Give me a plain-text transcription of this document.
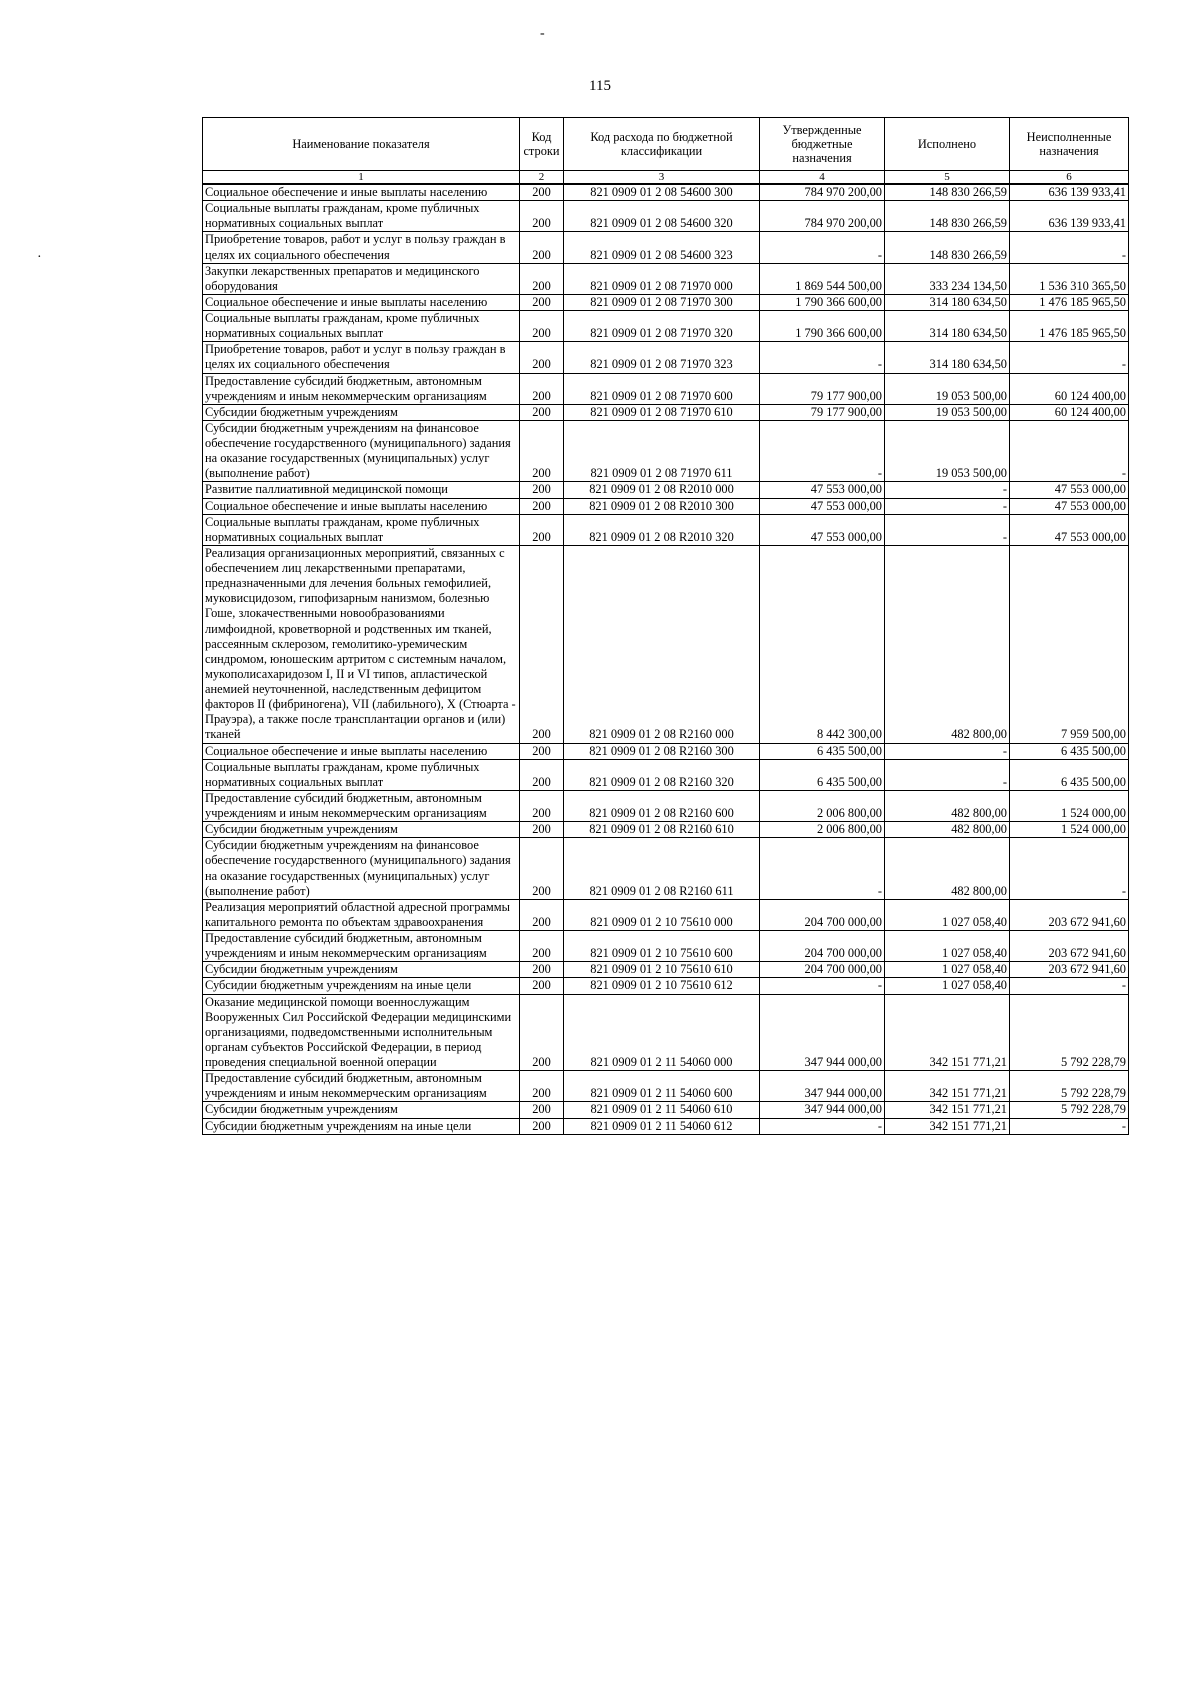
-
·
115
Наименование показателя	Код строки	Код расхода по бюджетной классификации	Утвержденные бюджетные назначения	Исполнено	Неисполненные назначения
1	2	3	4	5	6
Социальное обеспечение и иные выплаты населению	200	821 0909 01 2 08 54600 300	784 970 200,00	148 830 266,59	636 139 933,41
Социальные выплаты гражданам, кроме публичных нормативных социальных выплат	200	821 0909 01 2 08 54600 320	784 970 200,00	148 830 266,59	636 139 933,41
Приобретение товаров, работ и услуг в пользу граждан в целях их социального обеспечения	200	821 0909 01 2 08 54600 323	-	148 830 266,59	-
Закупки лекарственных препаратов и медицинского оборудования	200	821 0909 01 2 08 71970 000	1 869 544 500,00	333 234 134,50	1 536 310 365,50
Социальное обеспечение и иные выплаты населению	200	821 0909 01 2 08 71970 300	1 790 366 600,00	314 180 634,50	1 476 185 965,50
Социальные выплаты гражданам, кроме публичных нормативных социальных выплат	200	821 0909 01 2 08 71970 320	1 790 366 600,00	314 180 634,50	1 476 185 965,50
Приобретение товаров, работ и услуг в пользу граждан в целях их социального обеспечения	200	821 0909 01 2 08 71970 323	-	314 180 634,50	-
Предоставление субсидий бюджетным, автономным учреждениям и иным некоммерческим организациям	200	821 0909 01 2 08 71970 600	79 177 900,00	19 053 500,00	60 124 400,00
Субсидии бюджетным учреждениям	200	821 0909 01 2 08 71970 610	79 177 900,00	19 053 500,00	60 124 400,00
Субсидии бюджетным учреждениям на финансовое обеспечение государственного (муниципального) задания на оказание государственных (муниципальных) услуг (выполнение работ)	200	821 0909 01 2 08 71970 611	-	19 053 500,00	-
Развитие паллиативной медицинской помощи	200	821 0909 01 2 08 R2010 000	47 553 000,00	-	47 553 000,00
Социальное обеспечение и иные выплаты населению	200	821 0909 01 2 08 R2010 300	47 553 000,00	-	47 553 000,00
Социальные выплаты гражданам, кроме публичных нормативных социальных выплат	200	821 0909 01 2 08 R2010 320	47 553 000,00	-	47 553 000,00
Реализация организационных мероприятий, связанных с обеспечением лиц лекарственными препаратами, предназначенными для лечения больных гемофилией, муковисцидозом, гипофизарным нанизмом, болезнью Гоше, злокачественными новообразованиями лимфоидной, кроветворной и родственных им тканей, рассеянным склерозом, гемолитико-уремическим синдромом, юношеским артритом с системным началом, мукополисахаридозом I, II и VI типов, апластической анемией неуточненной, наследственным дефицитом факторов II (фибриногена), VII (лабильного), X (Стюарта - Прауэра), а также после трансплантации органов и (или) тканей	200	821 0909 01 2 08 R2160 000	8 442 300,00	482 800,00	7 959 500,00
Социальное обеспечение и иные выплаты населению	200	821 0909 01 2 08 R2160 300	6 435 500,00	-	6 435 500,00
Социальные выплаты гражданам, кроме публичных нормативных социальных выплат	200	821 0909 01 2 08 R2160 320	6 435 500,00	-	6 435 500,00
Предоставление субсидий бюджетным, автономным учреждениям и иным некоммерческим организациям	200	821 0909 01 2 08 R2160 600	2 006 800,00	482 800,00	1 524 000,00
Субсидии бюджетным учреждениям	200	821 0909 01 2 08 R2160 610	2 006 800,00	482 800,00	1 524 000,00
Субсидии бюджетным учреждениям на финансовое обеспечение государственного (муниципального) задания на оказание государственных (муниципальных) услуг (выполнение работ)	200	821 0909 01 2 08 R2160 611	-	482 800,00	-
Реализация мероприятий областной адресной программы капитального ремонта по объектам здравоохранения	200	821 0909 01 2 10 75610 000	204 700 000,00	1 027 058,40	203 672 941,60
Предоставление субсидий бюджетным, автономным учреждениям и иным некоммерческим организациям	200	821 0909 01 2 10 75610 600	204 700 000,00	1 027 058,40	203 672 941,60
Субсидии бюджетным учреждениям	200	821 0909 01 2 10 75610 610	204 700 000,00	1 027 058,40	203 672 941,60
Субсидии бюджетным учреждениям на иные цели	200	821 0909 01 2 10 75610 612	-	1 027 058,40	-
Оказание медицинской помощи военнослужащим Вооруженных Сил Российской Федерации медицинскими организациями, подведомственными исполнительным органам субъектов Российской Федерации, в период проведения специальной военной операции	200	821 0909 01 2 11 54060 000	347 944 000,00	342 151 771,21	5 792 228,79
Предоставление субсидий бюджетным, автономным учреждениям и иным некоммерческим организациям	200	821 0909 01 2 11 54060 600	347 944 000,00	342 151 771,21	5 792 228,79
Субсидии бюджетным учреждениям	200	821 0909 01 2 11 54060 610	347 944 000,00	342 151 771,21	5 792 228,79
Субсидии бюджетным учреждениям на иные цели	200	821 0909 01 2 11 54060 612	-	342 151 771,21	-
